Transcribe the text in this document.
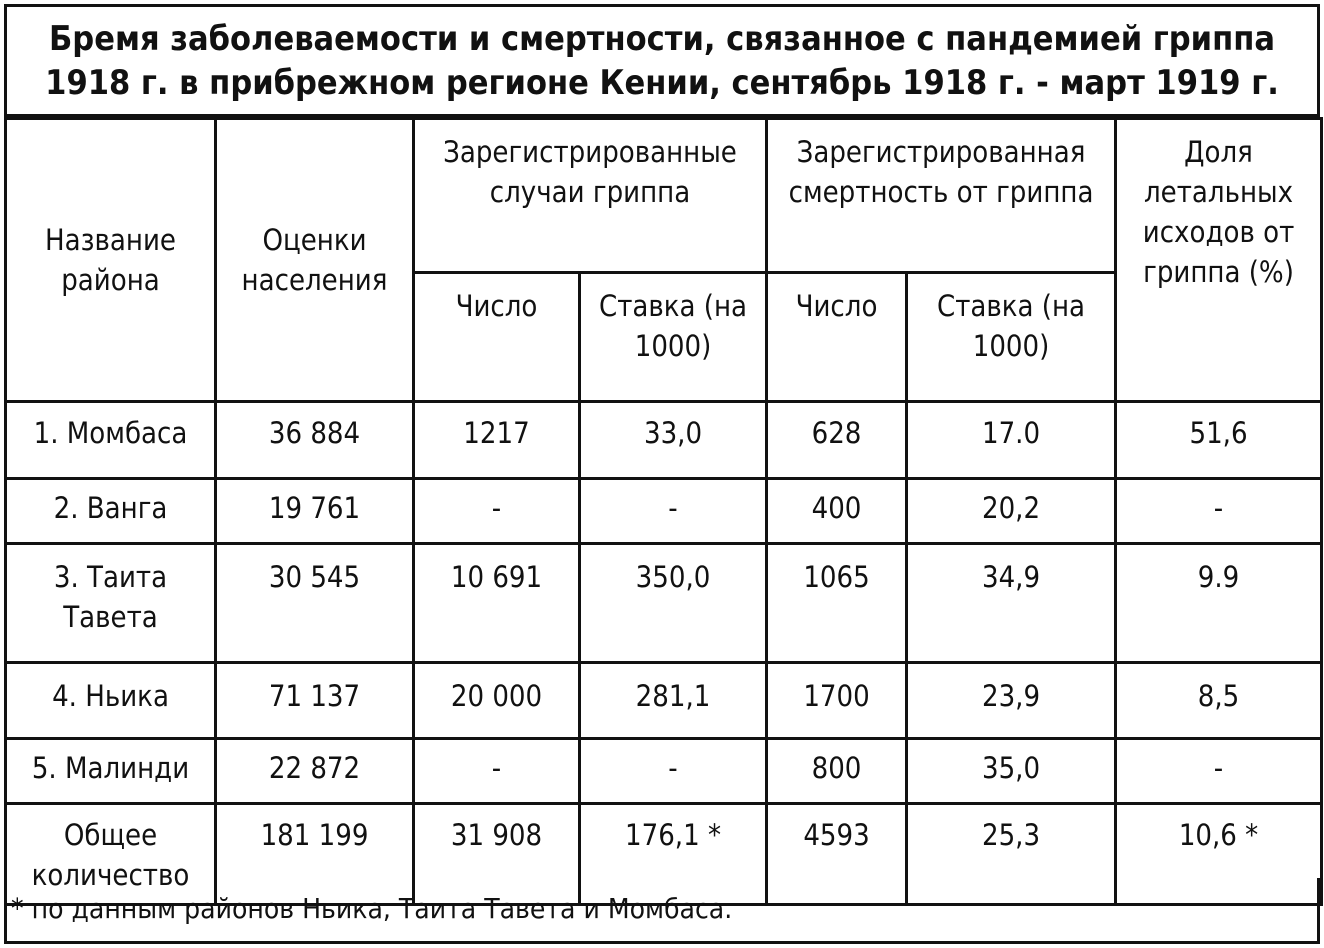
Бремя заболеваемости и смертности, связанное с пандемией гриппа 1918 г. в прибрежном регионе Кении, сентябрь 1918 г. - март 1919 г.
Название района	Оценки населения	Зарегистрированные случаи гриппа		Зарегистрированная смертность от гриппа		Доля летальных исходов от гриппа (%)
		Число	Ставка (на 1000)	Число	Ставка (на 1000)	
1. Момбаса	36 884	1217	33,0	628	17.0	51,6
2. Ванга	19 761	-	-	400	20,2	-
3. Таита Тавета	30 545	10 691	350,0	1065	34,9	9.9
4. Ньика	71 137	20 000	281,1	1700	23,9	8,5
5. Малинди	22 872	-	-	800	35,0	-
Общее количество	181 199	31 908	176,1 *	4593	25,3	10,6 *
* по данным районов Ньика, Таита Тавета и Момбаса.
